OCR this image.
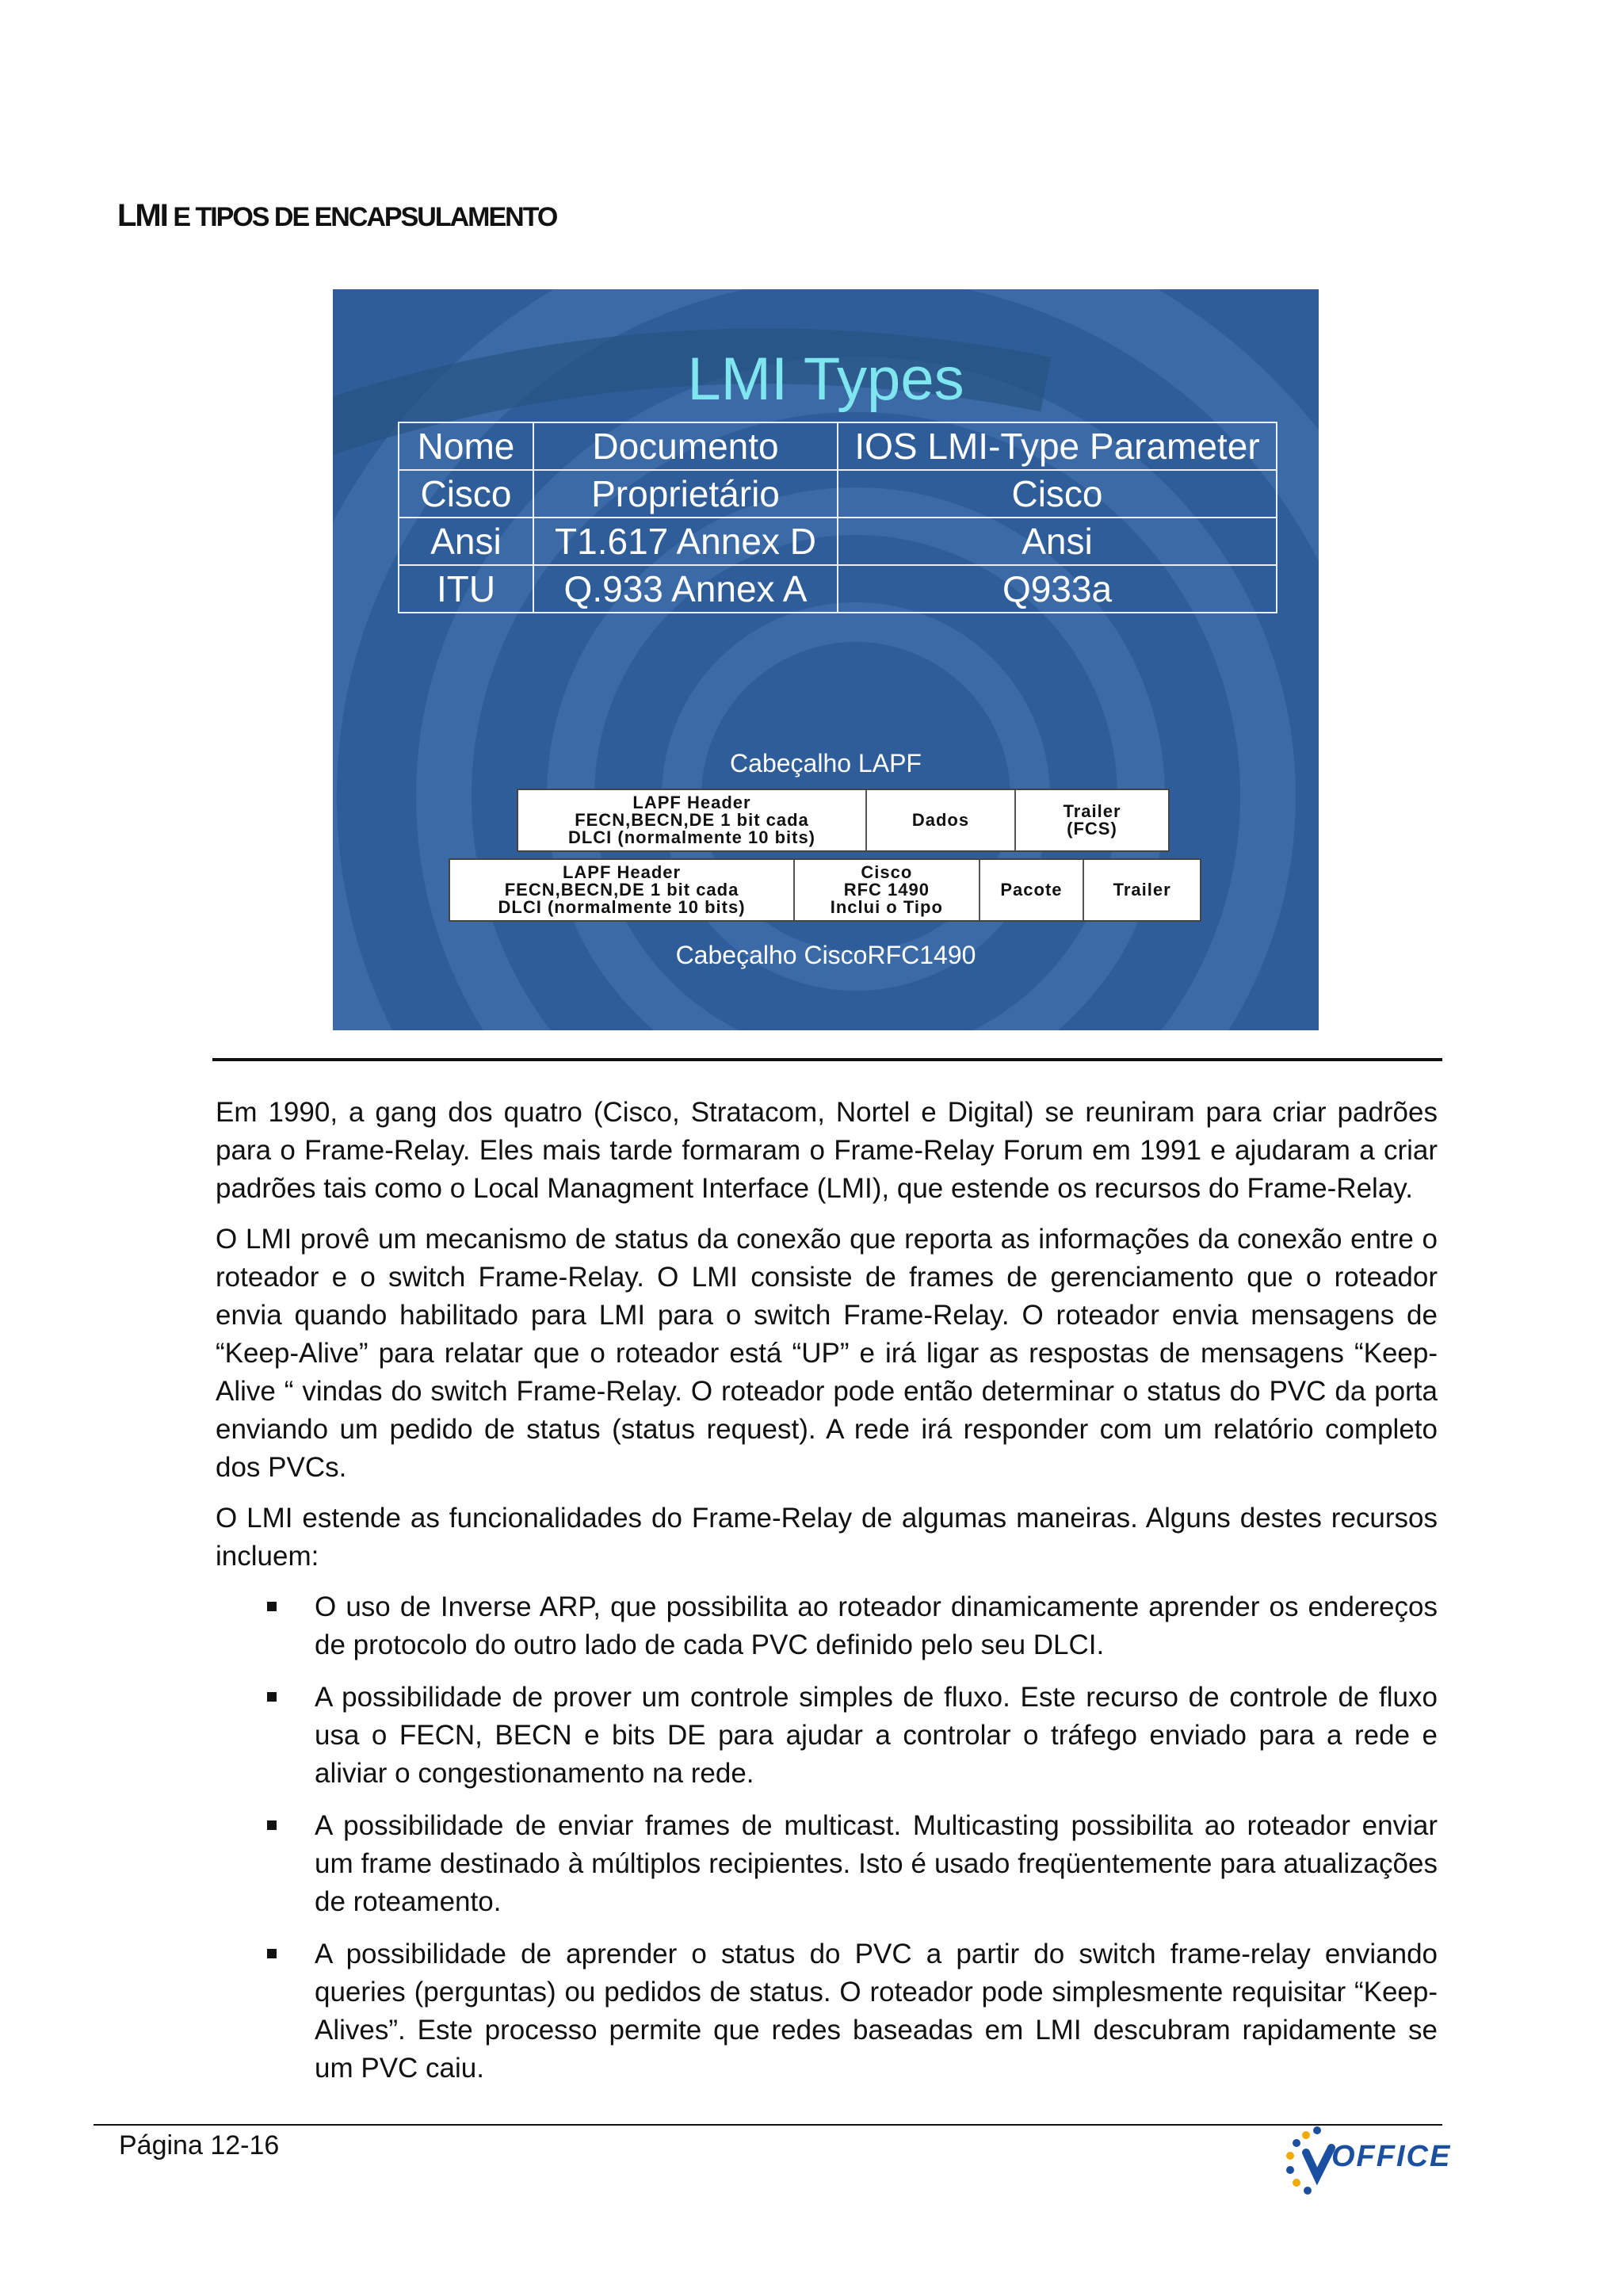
LMI E TIPOS DE ENCAPSULAMENTO
LMI Types
Nome	Documento	IOS LMI-Type Parameter
Cisco	Proprietário	Cisco
Ansi	T1.617 Annex D	Ansi
ITU	Q.933 Annex A	Q933a
Cabeçalho LAPF
LAPF Header
FECN,BECN,DE 1 bit cada
DLCI (normalmente 10 bits)
Dados	Trailer
(FCS)
LAPF Header
FECN,BECN,DE 1 bit cada
DLCI (normalmente 10 bits)
Cisco
RFC 1490
Inclui o Tipo
Pacote	Trailer
Cabeçalho CiscoRFC1490

Em 1990, a gang dos quatro (Cisco, Stratacom, Nortel e Digital) se reuniram para criar padrões para o Frame-Relay. Eles mais tarde formaram o Frame-Relay Forum em 1991 e ajudaram a criar padrões tais como o Local Managment Interface (LMI), que estende os recursos do Frame-Relay.

O LMI provê um mecanismo de status da conexão que reporta as informações da conexão entre o roteador e o switch Frame-Relay. O LMI consiste de frames de gerenciamento que o roteador envia quando habilitado para LMI para o switch Frame-Relay. O roteador envia mensagens de “Keep-Alive” para relatar que o roteador está “UP” e irá ligar as respostas de mensagens “Keep-Alive “ vindas do switch Frame-Relay. O roteador pode então determinar o status do PVC da porta enviando um pedido de status (status request). A rede irá responder com um relatório completo dos PVCs.

O LMI estende as funcionalidades do Frame-Relay de algumas maneiras. Alguns destes recursos incluem:

O uso de Inverse ARP, que possibilita ao roteador dinamicamente aprender os endereços de protocolo do outro lado de cada PVC definido pelo seu DLCI.
A possibilidade de prover um controle simples de fluxo. Este recurso de controle de fluxo usa o FECN, BECN e bits DE para ajudar a controlar o tráfego enviado para a rede e aliviar o congestionamento na rede.
A possibilidade de enviar frames de multicast. Multicasting possibilita ao roteador enviar um frame destinado à múltiplos recipientes. Isto é usado freqüentemente para atualizações de roteamento.
A possibilidade de aprender o status do PVC a partir do switch frame-relay enviando queries (perguntas) ou pedidos de status. O roteador pode simplesmente requisitar “Keep-Alives”. Este processo permite que redes baseadas em LMI descubram rapidamente se um PVC caiu.
Página 12-16	OFFICE
